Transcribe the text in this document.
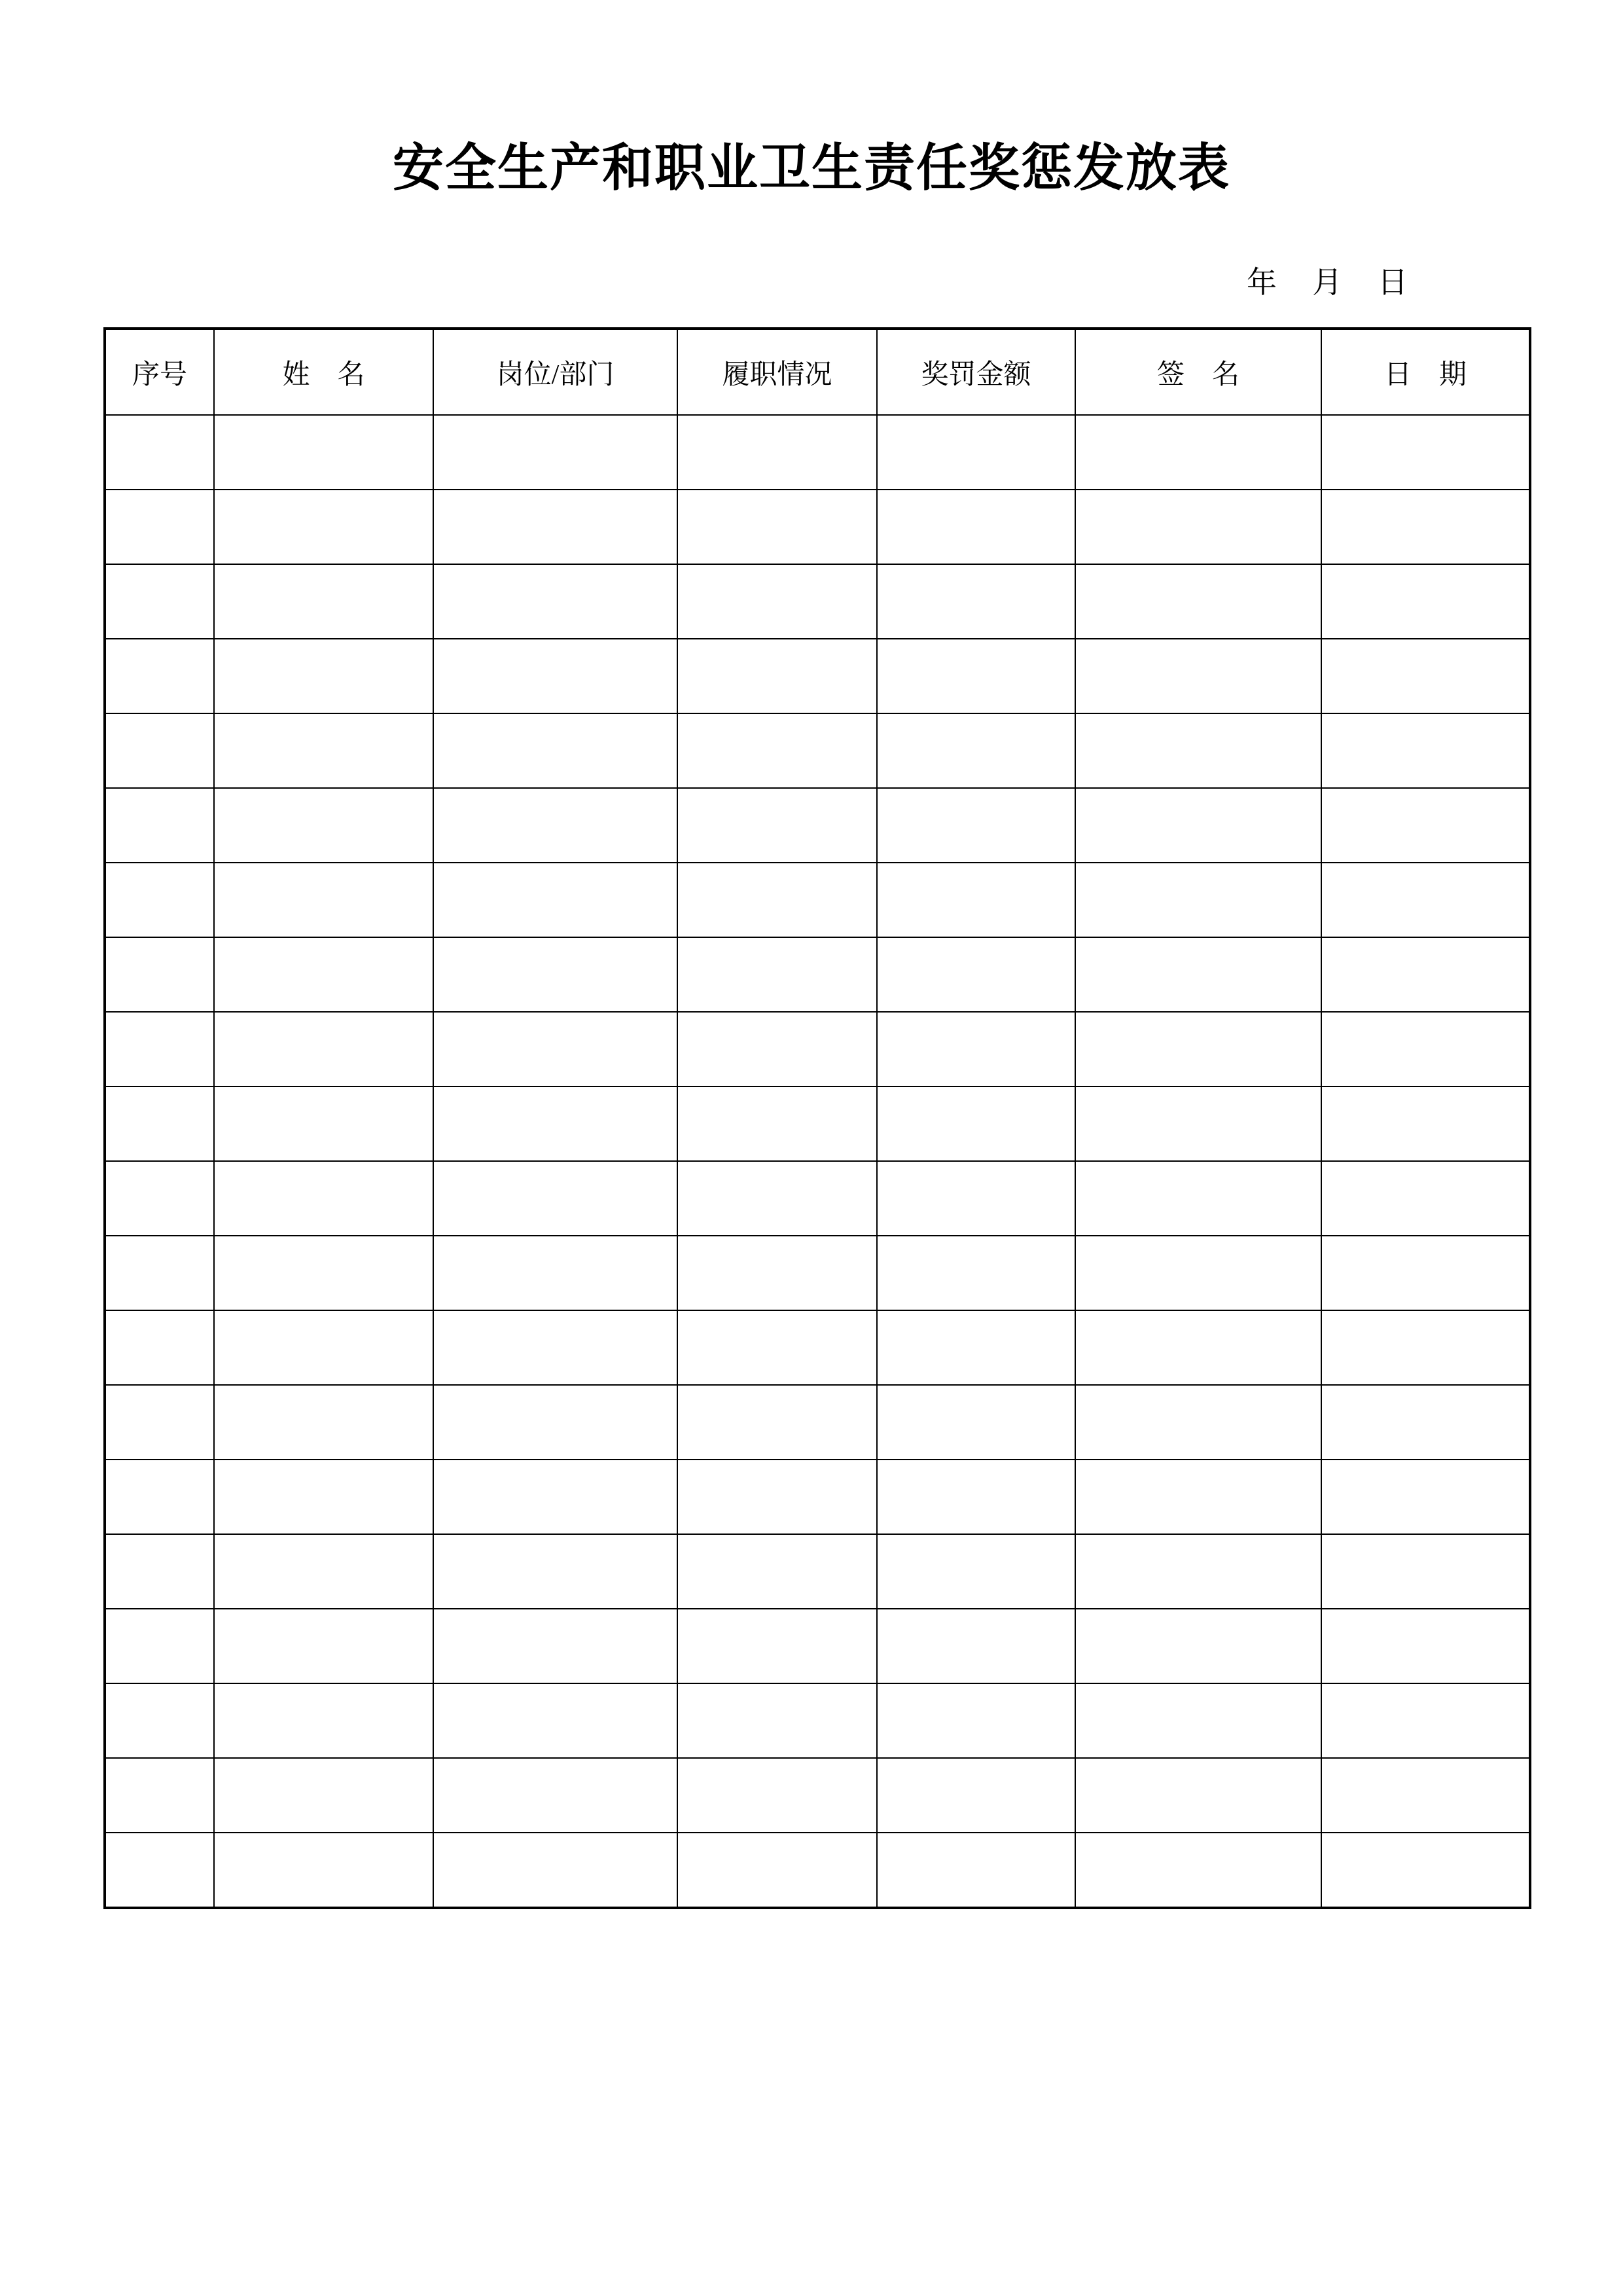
安全生产和职业卫生责任奖惩发放表
年　月　日
序号	姓　名	岗位/部门	履职情况	奖罚金额	签　名	日　期
